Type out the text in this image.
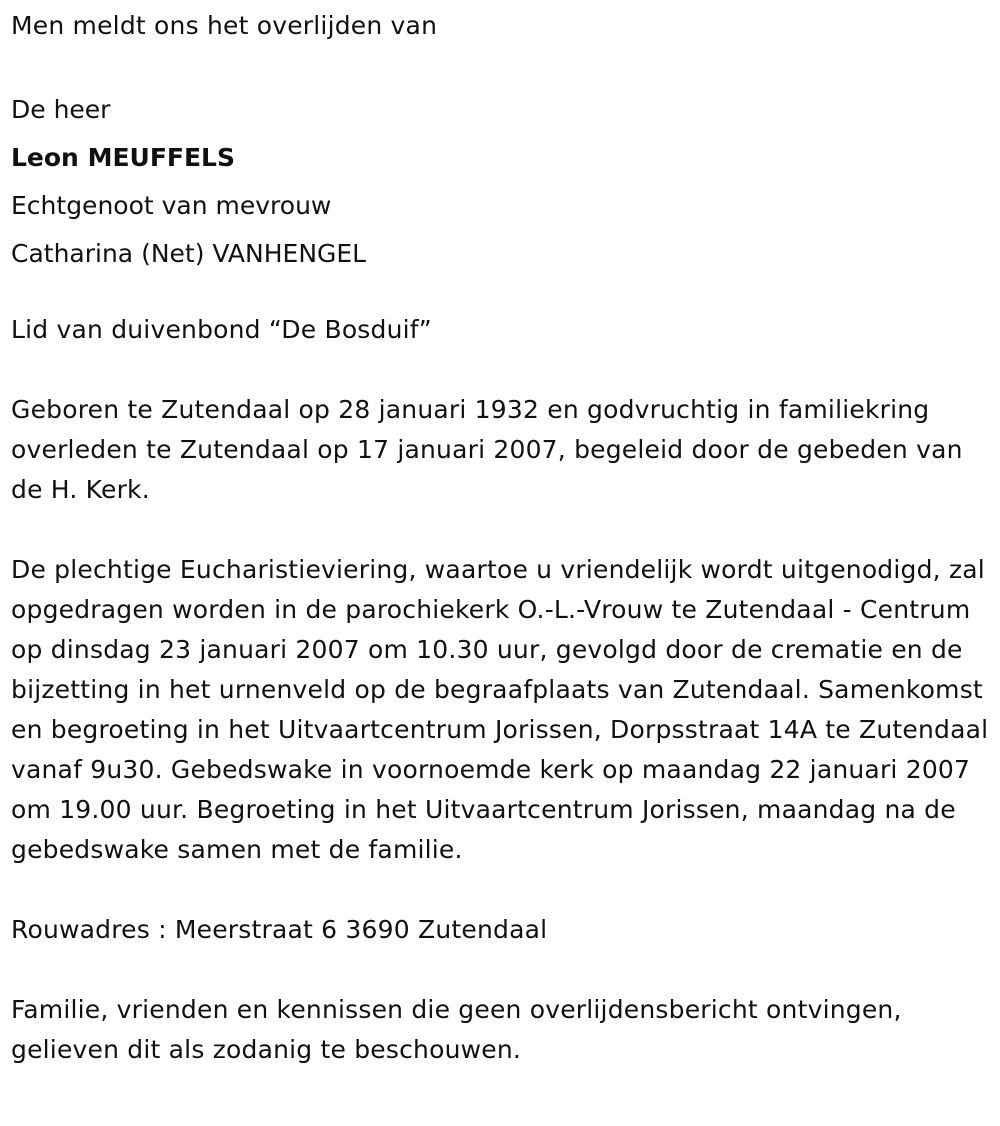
Men meldt ons het overlijden van
De heer
Leon MEUFFELS
Echtgenoot van mevrouw
Catharina (Net) VANHENGEL
Lid van duivenbond “De Bosduif”
Geboren te Zutendaal op 28 januari 1932 en godvruchtig in familiekring overleden te Zutendaal op 17 januari 2007, begeleid door de gebeden van de H. Kerk.
De plechtige Eucharistieviering, waartoe u vriendelijk wordt uitgenodigd, zal opgedragen worden in de parochiekerk O.-L.-Vrouw te Zutendaal - Centrum op dinsdag 23 januari 2007 om 10.30 uur, gevolgd door de crematie en de bijzetting in het urnenveld op de begraafplaats van Zutendaal. Samenkomst en begroeting in het Uitvaartcentrum Jorissen, Dorpsstraat 14A te Zutendaal vanaf 9u30. Gebedswake in voornoemde kerk op maandag 22 januari 2007 om 19.00 uur. Begroeting in het Uitvaartcentrum Jorissen, maandag na de gebedswake samen met de familie.
Rouwadres : Meerstraat 6 3690 Zutendaal
Familie, vrienden en kennissen die geen overlijdensbericht ontvingen, gelieven dit als zodanig te beschouwen.
